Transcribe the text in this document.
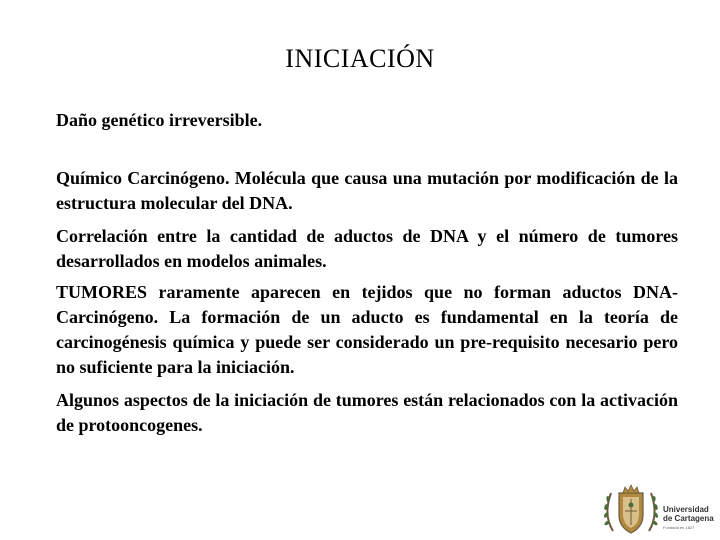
INICIACIÓN

Daño genético irreversible.

Químico Carcinógeno. Molécula que causa una mutación por modificación de la estructura molecular del DNA.

Correlación entre la cantidad de aductos de DNA y el número de tumores desarrollados en modelos animales.

TUMORES raramente aparecen en tejidos que no forman aductos DNA-Carcinógeno. La formación de un aducto es fundamental en la teoría de carcinogénesis química y puede ser considerado un pre-requisito necesario pero no suficiente para la iniciación.

Algunos aspectos de la iniciación de tumores están relacionados con la activación de protooncogenes.

Universidad
de Cartagena
Fundada en 1827
